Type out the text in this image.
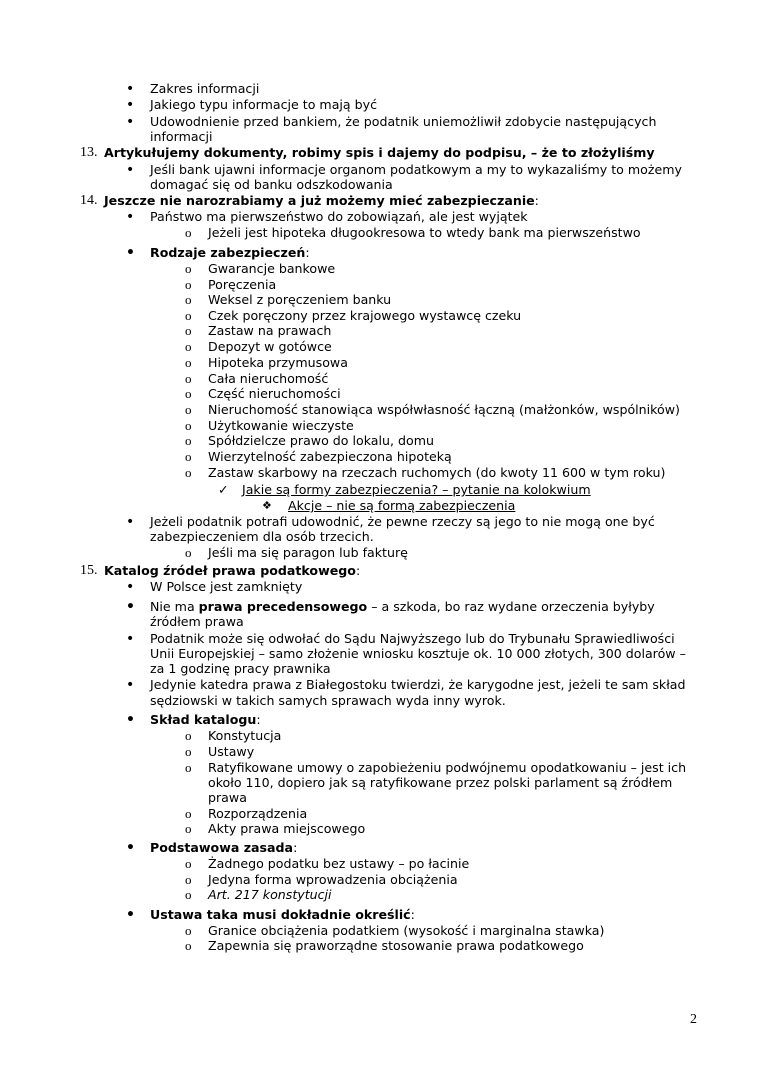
• Zakres informacji
• Jakiego typu informacje to mają być
• Udowodnienie przed bankiem, że podatnik uniemożliwił zdobycie następujących
informacji
13. Artykułujemy dokumenty, robimy spis i dajemy do podpisu, – że to złożyliśmy
• Jeśli bank ujawni informacje organom podatkowym a my to wykazaliśmy to możemy
domagać się od banku odszkodowania
14. Jeszcze nie narozrabiamy a już możemy mieć zabezpieczanie:
• Państwo ma pierwszeństwo do zobowiązań, ale jest wyjątek
o Jeżeli jest hipoteka długookresowa to wtedy bank ma pierwszeństwo
• Rodzaje zabezpieczeń:
o Gwarancje bankowe
o Poręczenia
o Weksel z poręczeniem banku
o Czek poręczony przez krajowego wystawcę czeku
o Zastaw na prawach
o Depozyt w gotówce
o Hipoteka przymusowa
o Cała nieruchomość
o Część nieruchomości
o Nieruchomość stanowiąca współwłasność łączną (małżonków, wspólników)
o Użytkowanie wieczyste
o Spółdzielcze prawo do lokalu, domu
o Wierzytelność zabezpieczona hipoteką
o Zastaw skarbowy na rzeczach ruchomych (do kwoty 11 600 w tym roku)
✓ Jakie są formy zabezpieczenia? – pytanie na kolokwium
❖ Akcje – nie są formą zabezpieczenia
• Jeżeli podatnik potrafi udowodnić, że pewne rzeczy są jego to nie mogą one być
zabezpieczeniem dla osób trzecich.
o Jeśli ma się paragon lub fakturę
15. Katalog źródeł prawa podatkowego:
• W Polsce jest zamknięty
• Nie ma prawa precedensowego – a szkoda, bo raz wydane orzeczenia byłyby
źródłem prawa
• Podatnik może się odwołać do Sądu Najwyższego lub do Trybunału Sprawiedliwości
Unii Europejskiej – samo złożenie wniosku kosztuje ok. 10 000 złotych, 300 dolarów –
za 1 godzinę pracy prawnika
• Jedynie katedra prawa z Białegostoku twierdzi, że karygodne jest, jeżeli te sam skład
sędziowski w takich samych sprawach wyda inny wyrok.
• Skład katalogu:
o Konstytucja
o Ustawy
o Ratyfikowane umowy o zapobieżeniu podwójnemu opodatkowaniu – jest ich
około 110, dopiero jak są ratyfikowane przez polski parlament są źródłem
prawa
o Rozporządzenia
o Akty prawa miejscowego
• Podstawowa zasada:
o Żadnego podatku bez ustawy – po łacinie
o Jedyna forma wprowadzenia obciążenia
o Art. 217 konstytucji
• Ustawa taka musi dokładnie określić:
o Granice obciążenia podatkiem (wysokość i marginalna stawka)
o Zapewnia się praworządne stosowanie prawa podatkowego
2
